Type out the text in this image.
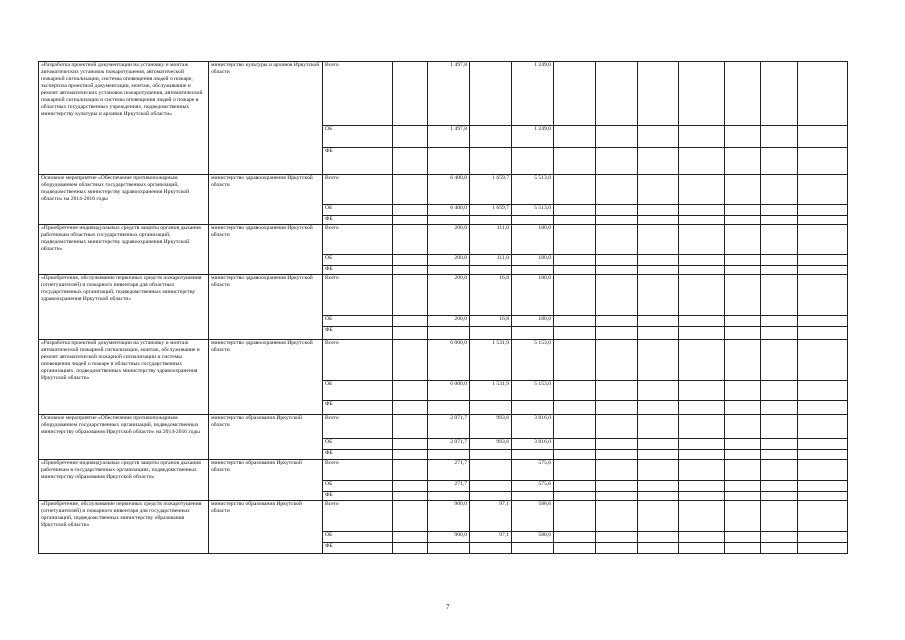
«Разработка проектной документации на установку и монтаж автоматических установок пожаротушения, автоматической пожарной сигнализации, системы оповещения людей о пожаре, экспертиза проектной документации, монтаж, обслуживание и ремонт автоматических установок пожаротушения, автоматической пожарной сигнализации и системы оповещения людей о пожаре в областных государственных учреждениях, подведомственных министерству культуры и архивов Иркутской области»	министерство культуры и архивов Иркутской области	Всего		1 497,8		1 249,0									
		ОБ		1 497,8		1 249,0									
		ФБ													
Основное мероприятие «Обеспечение противопожарным оборудованием областных государственных организаций, подведомственных министерству здравоохранения Иркутской области» на 2014-2016 годы	министерство здравоохранения Иркутской области	Всего		6 400,0	1 659,7	5 513,0									
		ОБ		6 400,0	1 659,7	5 513,0									
		ФБ													
«Приобретение индивидуальных средств защиты органов дыхания работникам областных государственных организаций, подведомственных министерству здравоохранения Иркутской области»	министерство здравоохранения Иркутской области	Всего		200,0	111,0	180,0									
		ОБ		200,0	111,0	180,0									
		ФБ													
«Приобретение, обслуживание первичных средств пожаротушения (огнетушителей) и пожарного инвентаря для областных государственных организаций, подведомственных министерству здравоохранения Иркутской области»	министерство здравоохранения Иркутской области	Всего		200,0	16,8	180,0									
		ОБ		200,0	16,8	180,0									
		ФБ													
«Разработка проектной документации на установку и монтаж автоматической пожарной сигнализации, монтаж, обслуживание и ремонт автоматической пожарной сигнализации и системы оповещения людей о пожаре в областных государственных организациях, подведомственных министерству здравоохранения Иркутской области»	министерство здравоохранения Иркутской области	Всего		6 000,0	1 531,9	5 153,0									
		ОБ		6 000,0	1 531,9	5 153,0									
		ФБ													
Основное мероприятие «Обеспечение противопожарным оборудованием государственных организаций, подведомственных министерству образования Иркутской области» на 2014-2016 годы	министерство образования Иркутской области	Всего		2 071,7	993,6	3 816,0									
		ОБ		2 071,7	993,6	3 816,0									
		ФБ													
«Приобретение индивидуальных средств защиты органов дыхания работникам в государственных организациях, подведомственных министерству образования Иркутской области»	министерство образования Иркутской области	Всего		271,7		575,6									
		ОБ		271,7		575,6									
		ФБ													
«Приобретение, обслуживание первичных средств пожаротушения (огнетушителей) и пожарного инвентаря для государственных организаций, подведомственных министерству образования Иркутской области»	министерство образования Иркутской области	Всего		900,0	97,1	588,6									
		ОБ		900,0	97,1	588,6									
		ФБ													
7
